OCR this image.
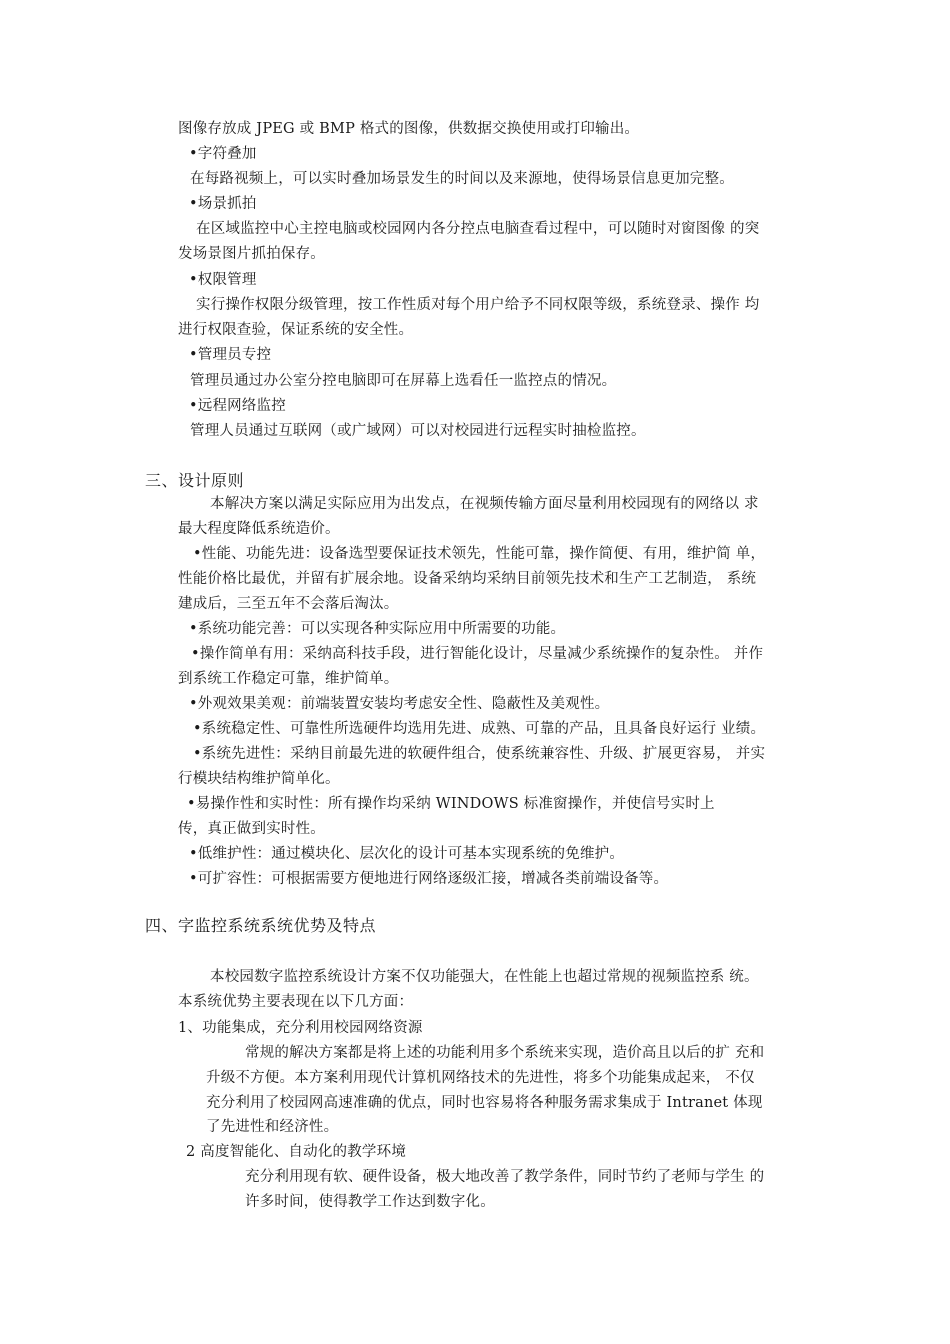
图像存放成 JPEG 或 BMP 格式的图像，供数据交换使用或打印输出。
•字符叠加
在每路视频上，可以实时叠加场景发生的时间以及来源地，使得场景信息更加完整。
•场景抓拍
在区域监控中心主控电脑或校园网内各分控点电脑查看过程中，可以随时对窗图像 的突
发场景图片抓拍保存。
•权限管理
实行操作权限分级管理，按工作性质对每个用户给予不同权限等级，系统登录、操作 均
进行权限查验，保证系统的安全性。
•管理员专控
管理员通过办公室分控电脑即可在屏幕上选看任一监控点的情况。
•远程网络监控
管理人员通过互联网（或广域网）可以对校园进行远程实时抽检监控。
三、设计原则
本解决方案以满足实际应用为出发点，在视频传输方面尽量利用校园现有的网络以 求
最大程度降低系统造价。
•性能、功能先进：设备选型要保证技术领先，性能可靠，操作简便、有用，维护简 单，
性能价格比最优，并留有扩展余地。设备采纳均采纳目前领先技术和生产工艺制造， 系统
建成后，三至五年不会落后淘汰。
•系统功能完善：可以实现各种实际应用中所需要的功能。
•操作简单有用：采纳高科技手段，进行智能化设计，尽量减少系统操作的复杂性。 并作
到系统工作稳定可靠，维护简单。
•外观效果美观：前端装置安装均考虑安全性、隐蔽性及美观性。
•系统稳定性、可靠性所选硬件均选用先进、成熟、可靠的产品，且具备良好运行 业绩。
•系统先进性：采纳目前最先进的软硬件组合，使系统兼容性、升级、扩展更容易， 并实
行模块结构维护简单化。
•易操作性和实时性：所有操作均采纳 WINDOWS 标准窗操作，并使信号实时上
传，真正做到实时性。
•低维护性：通过模块化、层次化的设计可基本实现系统的免维护。
•可扩容性：可根据需要方便地进行网络逐级汇接，增减各类前端设备等。
四、字监控系统系统优势及特点
本校园数字监控系统设计方案不仅功能强大，在性能上也超过常规的视频监控系 统。
本系统优势主要表现在以下几方面：
1、功能集成，充分利用校园网络资源
常规的解决方案都是将上述的功能利用多个系统来实现，造价高且以后的扩 充和
升级不方便。本方案利用现代计算机网络技术的先进性，将多个功能集成起来， 不仅
充分利用了校园网高速准确的优点，同时也容易将各种服务需求集成于 Intranet 体现
了先进性和经济性。
2 高度智能化、自动化的教学环境
充分利用现有软、硬件设备，极大地改善了教学条件，同时节约了老师与学生 的
许多时间，使得教学工作达到数字化。
